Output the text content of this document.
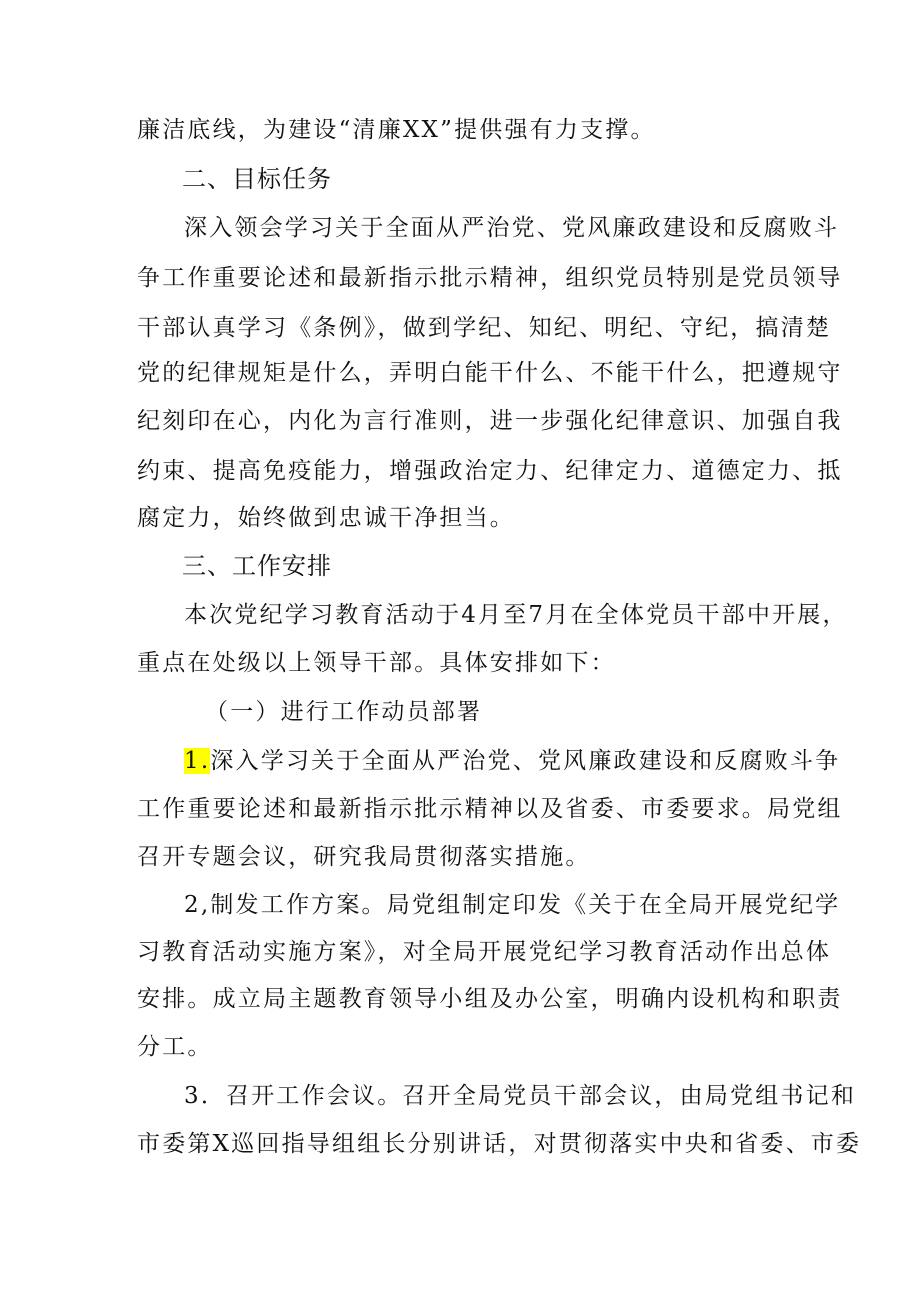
廉洁底线，为建设“清廉XX”提供强有力支撑。
二、目标任务
深入领会学习关于全面从严治党、党风廉政建设和反腐败斗
争工作重要论述和最新指示批示精神，组织党员特别是党员领导
干部认真学习《条例》，做到学纪、知纪、明纪、守纪，搞清楚
党的纪律规矩是什么，弄明白能干什么、不能干什么，把遵规守
纪刻印在心，内化为言行准则，进一步强化纪律意识、加强自我
约束、提高免疫能力，增强政治定力、纪律定力、道德定力、抵
腐定力，始终做到忠诚干净担当。
三、工作安排
本次党纪学习教育活动于4月至7月在全体党员干部中开展，
重点在处级以上领导干部。具体安排如下：
（一）进行工作动员部署
1.深入学习关于全面从严治党、党风廉政建设和反腐败斗争
工作重要论述和最新指示批示精神以及省委、市委要求。局党组
召开专题会议，研究我局贯彻落实措施。
2,制发工作方案。局党组制定印发《关于在全局开展党纪学
习教育活动实施方案》，对全局开展党纪学习教育活动作出总体
安排。成立局主题教育领导小组及办公室，明确内设机构和职责
分工。
3．召开工作会议。召开全局党员干部会议，由局党组书记和
市委第X巡回指导组组长分别讲话，对贯彻落实中央和省委、市委
